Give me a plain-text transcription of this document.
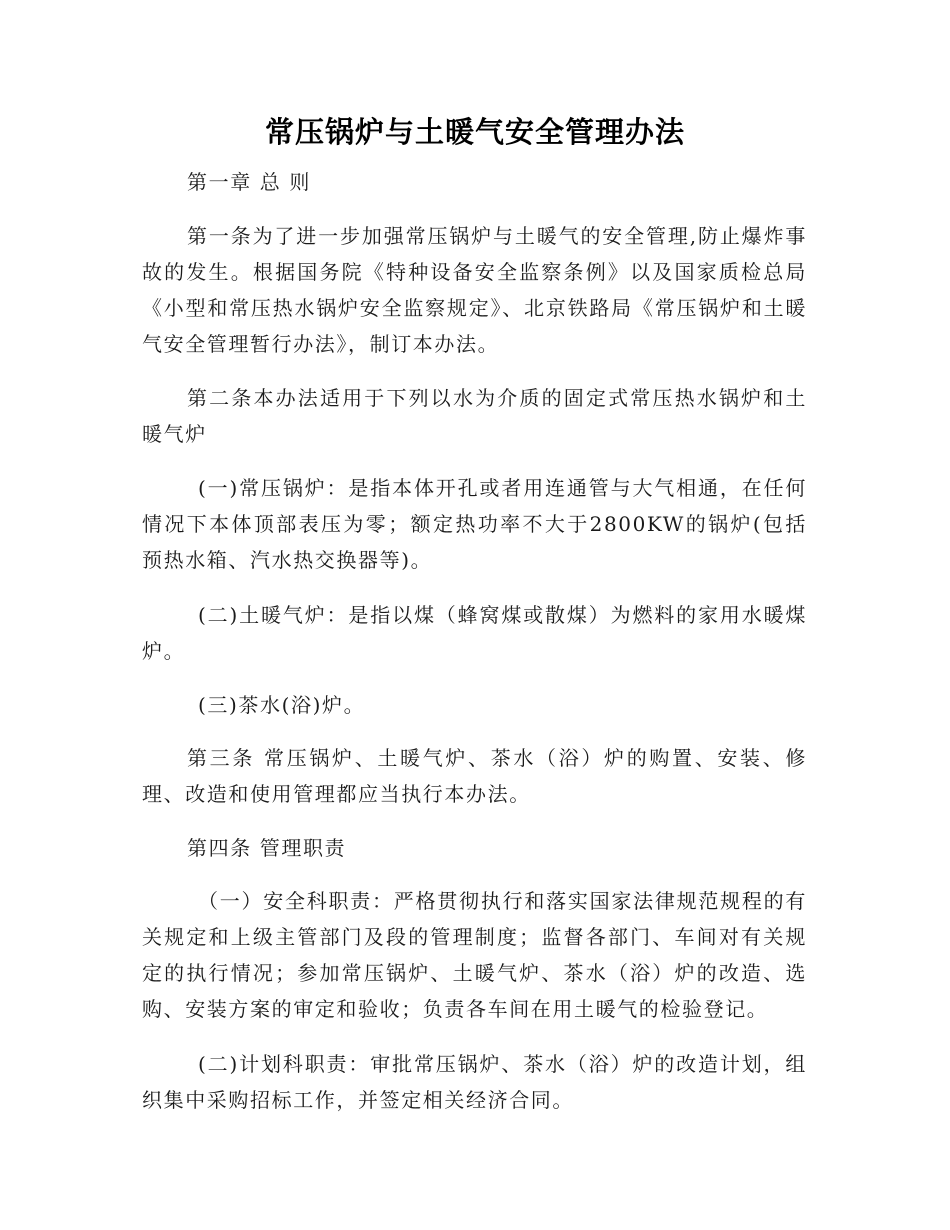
常压锅炉与土暖气安全管理办法

第一章 总 则

第一条为了进一步加强常压锅炉与土暖气的安全管理,防止爆炸事故的发生。根据国务院《特种设备安全监察条例》以及国家质检总局《小型和常压热水锅炉安全监察规定》、北京铁路局《常压锅炉和土暖气安全管理暂行办法》，制订本办法。

第二条本办法适用于下列以水为介质的固定式常压热水锅炉和土暖气炉

(一)常压锅炉：是指本体开孔或者用连通管与大气相通，在任何情况下本体顶部表压为零；额定热功率不大于2800KW的锅炉(包括预热水箱、汽水热交换器等)。

(二)土暖气炉：是指以煤（蜂窝煤或散煤）为燃料的家用水暖煤炉。

(三)茶水(浴)炉。

第三条 常压锅炉、土暖气炉、茶水（浴）炉的购置、安装、修理、改造和使用管理都应当执行本办法。

第四条 管理职责

（一）安全科职责：严格贯彻执行和落实国家法律规范规程的有关规定和上级主管部门及段的管理制度；监督各部门、车间对有关规定的执行情况；参加常压锅炉、土暖气炉、茶水（浴）炉的改造、选购、安装方案的审定和验收；负责各车间在用土暖气的检验登记。

(二)计划科职责：审批常压锅炉、茶水（浴）炉的改造计划，组织集中采购招标工作，并签定相关经济合同。
